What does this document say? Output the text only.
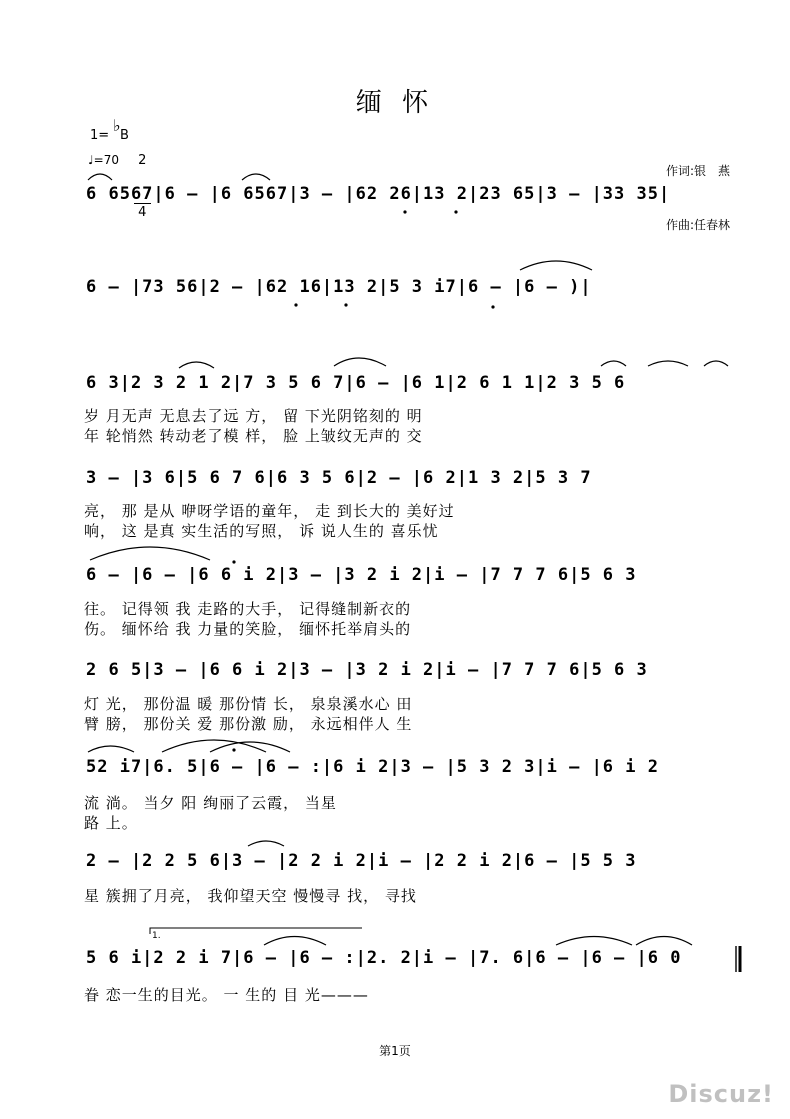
缅 怀
1=
♭
B

2

4

♩=70

作词:银　燕

作曲:任春林

6 6567|6 – |6 6567|3 – |62 26|13 2|23 65|3 – |33 35|
6 – |73 56|2 – |62 16|13 2|5 3 i7|6 – |6 – )|
6 3|2 3 2 1 2|7 3 5 6 7|6 – |6 1|2 6 1 1|2 3 5 6
岁 月无声 无息去了远 方， 留 下光阴铭刻的 明
年 轮悄然 转动老了模 样， 脸 上皱纹无声的 交
3 – |3 6|5 6 7 6|6 3 5 6|2 – |6 2|1 3 2|5 3 7
亮， 那 是从 咿呀学语的童年， 走 到长大的 美好过
响， 这 是真 实生活的写照， 诉 说人生的 喜乐忧
6 – |6 – |6 6 i 2|3 – |3 2 i 2|i – |7 7 7 6|5 6 3
往。 记得领 我 走路的大手， 记得缝制新衣的
伤。 缅怀给 我 力量的笑脸， 缅怀托举肩头的
2 6 5|3 – |6 6 i 2|3 – |3 2 i 2|i – |7 7 7 6|5 6 3
灯 光， 那份温 暖 那份情 长， 泉泉溪水心 田
臂 膀， 那份关 爱 那份激 励， 永远相伴人 生
52 i7|6. 5|6 – |6 – :|6 i 2|3 – |5 3 2 3|i – |6 i 2
流 淌。 当夕 阳 绚丽了云霞， 当星
路 上。
2 – |2 2 5 6|3 – |2 2 i 2|i – |2 2 i 2|6 – |5 5 3
星 簇拥了月亮， 我仰望天空 慢慢寻 找， 寻找
5 6 i|2 2 i 7|6 – |6 – :|2. 2|i – |7. 6|6 – |6 – |6 0
眷 恋一生的目光。 一 生的 目 光———
1.
第1页
Discuz!
